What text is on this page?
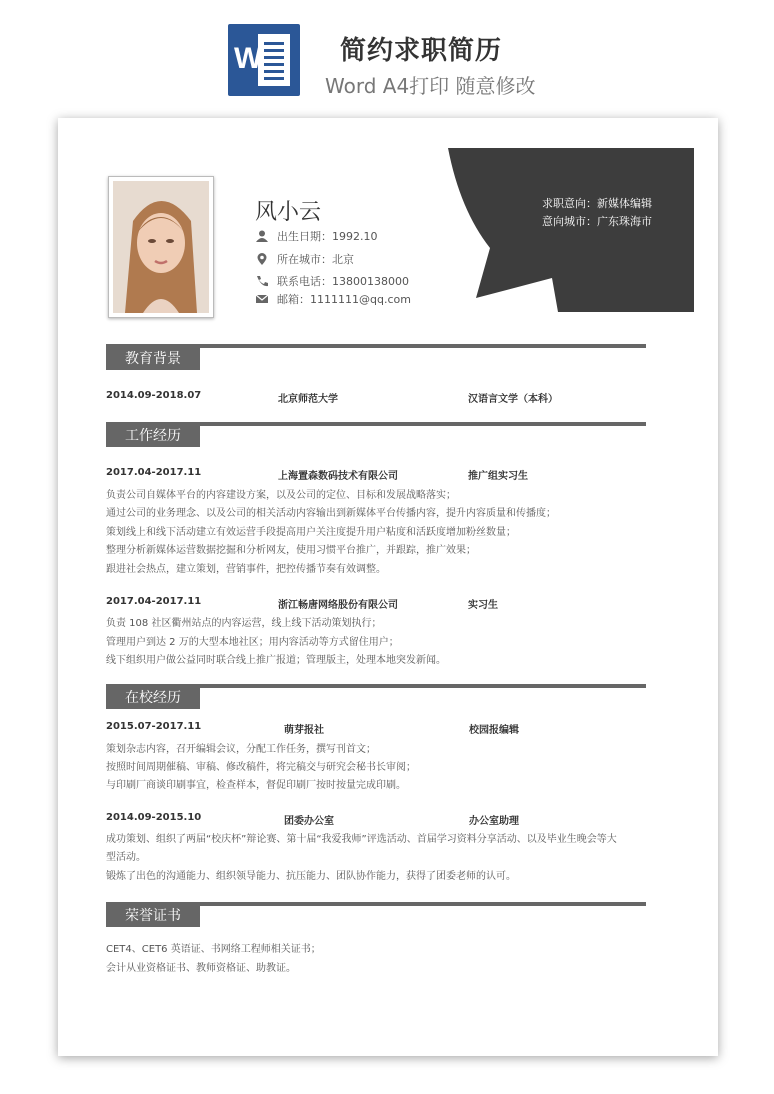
W	简约求职简历
Word A4打印 随意修改
风小云
出生日期：1992.10
所在城市：北京
联系电话：13800138000
邮箱：1111111@qq.com
求职意向：新媒体编辑
意向城市：广东珠海市
教育背景
2014.09-2018.07	北京师范大学	汉语言文学（本科）
工作经历
2017.04-2017.11	上海置森数码技术有限公司	推广组实习生
负责公司自媒体平台的内容建设方案，以及公司的定位、目标和发展战略落实；
通过公司的业务理念、以及公司的相关活动内容输出到新媒体平台传播内容，提升内容质量和传播度；
策划线上和线下活动建立有效运营手段提高用户关注度提升用户粘度和活跃度增加粉丝数量；
整理分析新媒体运营数据挖掘和分析网友，使用习惯平台推广，并跟踪，推广效果；
跟进社会热点，建立策划，营销事件，把控传播节奏有效调整。
2017.04-2017.11	浙江畅唐网络股份有限公司	实习生
负责 108 社区衢州站点的内容运营，线上线下活动策划执行；
管理用户到达 2 万的大型本地社区；用内容活动等方式留住用户；
线下组织用户做公益同时联合线上推广报道；管理版主，处理本地突发新闻。
在校经历
2015.07-2017.11	萌芽报社	校园报编辑
策划杂志内容，召开编辑会议，分配工作任务，撰写刊首文；
按照时间周期催稿、审稿、修改稿件，将完稿交与研究会秘书长审阅；
与印刷厂商谈印刷事宜，检查样本，督促印刷厂按时按量完成印刷。
2014.09-2015.10	团委办公室	办公室助理
成功策划、组织了两届“校庆杯”辩论赛、第十届“我爱我师”评选活动、首届学习资料分享活动、以及毕业生晚会等大
型活动。
锻炼了出色的沟通能力、组织领导能力、抗压能力、团队协作能力，获得了团委老师的认可。
荣誉证书
CET4、CET6 英语证、书网络工程师相关证书；
会计从业资格证书、教师资格证、助教证。
